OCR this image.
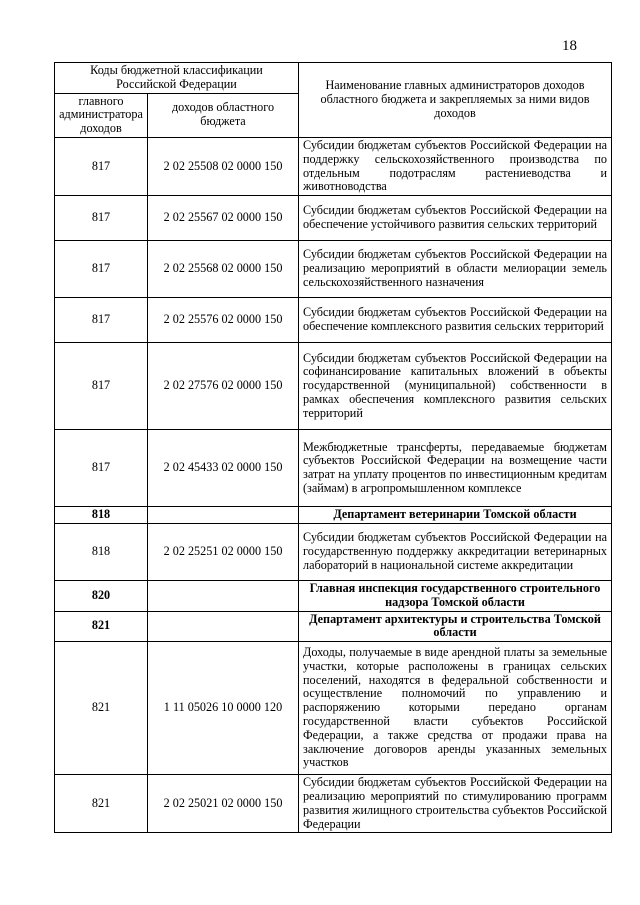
18
Коды бюджетной классификации Российской Федерации		Наименование главных администраторов доходов областного бюджета и закрепляемых за ними видов доходов
главного администратора доходов	доходов областного бюджета	
817	2 02 25508 02 0000 150	Субсидии бюджетам субъектов Российской Федерации на поддержку сельскохозяйственного производства по отдельным подотраслям растениеводства и животноводства
817	2 02 25567 02 0000 150	Субсидии бюджетам субъектов Российской Федерации на обеспечение устойчивого развития сельских территорий
817	2 02 25568 02 0000 150	Субсидии бюджетам субъектов Российской Федерации на реализацию мероприятий в области мелиорации земель сельскохозяйственного назначения
817	2 02 25576 02 0000 150	Субсидии бюджетам субъектов Российской Федерации на обеспечение комплексного развития сельских территорий
817	2 02 27576 02 0000 150	Субсидии бюджетам субъектов Российской Федерации на софинансирование капитальных вложений в объекты государственной (муниципальной) собственности в рамках обеспечения комплексного развития сельских территорий
817	2 02 45433 02 0000 150	Межбюджетные трансферты, передаваемые бюджетам субъектов Российской Федерации на возмещение части затрат на уплату процентов по инвестиционным кредитам (займам) в агропромышленном комплексе
818		Департамент ветеринарии Томской области
818	2 02 25251 02 0000 150	Субсидии бюджетам субъектов Российской Федерации на государственную поддержку аккредитации ветеринарных лабораторий в национальной системе аккредитации
820		Главная инспекция государственного строительного надзора Томской области
821		Департамент архитектуры и строительства Томской области
821	1 11 05026 10 0000 120	Доходы, получаемые в виде арендной платы за земельные участки, которые расположены в границах сельских поселений, находятся в федеральной собственности и осуществление полномочий по управлению и распоряжению которыми передано органам государственной власти субъектов Российской Федерации, а также средства от продажи права на заключение договоров аренды указанных земельных участков
821	2 02 25021 02 0000 150	Субсидии бюджетам субъектов Российской Федерации на реализацию мероприятий по стимулированию программ развития жилищного строительства субъектов Российской Федерации
